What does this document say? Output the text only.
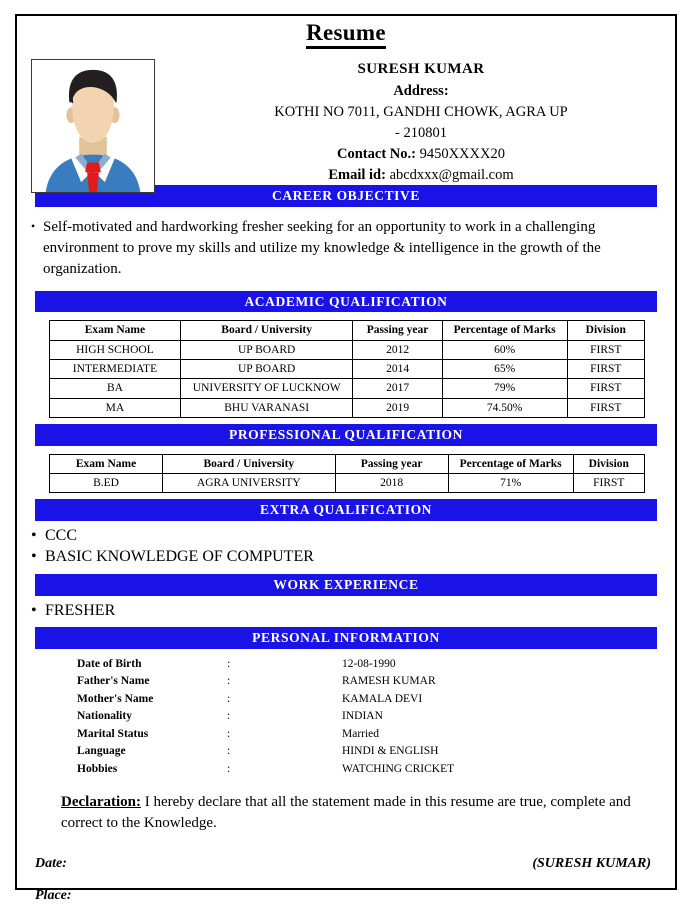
Resume
SURESH KUMAR
Address:
KOTHI NO 7011, GANDHI CHOWK, AGRA UP
- 210801
Contact No.: 9450XXXX20
Email id: abcdxxx@gmail.com
CAREER OBJECTIVE
• Self-motivated and hardworking fresher seeking for an opportunity to work in a challenging environment to prove my skills and utilize my knowledge & intelligence in the growth of the organization.
ACADEMIC QUALIFICATION
Exam Name	Board / University	Passing year	Percentage of Marks	Division
HIGH SCHOOL	UP BOARD	2012	60%	FIRST
INTERMEDIATE	UP BOARD	2014	65%	FIRST
BA	UNIVERSITY OF LUCKNOW	2017	79%	FIRST
MA	BHU VARANASI	2019	74.50%	FIRST
PROFESSIONAL QUALIFICATION
Exam Name	Board / University	Passing year	Percentage of Marks	Division
B.ED	AGRA UNIVERSITY	2018	71%	FIRST
EXTRA QUALIFICATION
• CCC
• BASIC KNOWLEDGE OF COMPUTER
WORK EXPERIENCE
• FRESHER
PERSONAL INFORMATION
Date of Birth	:	12-08-1990
Father's Name	:	RAMESH KUMAR
Mother's Name	:	KAMALA DEVI
Nationality	:	INDIAN
Marital Status	:	Married
Language	:	HINDI & ENGLISH
Hobbies	:	WATCHING CRICKET
Declaration: I hereby declare that all the statement made in this resume are true, complete and correct to the Knowledge.
Date:	(SURESH KUMAR)
Place:
